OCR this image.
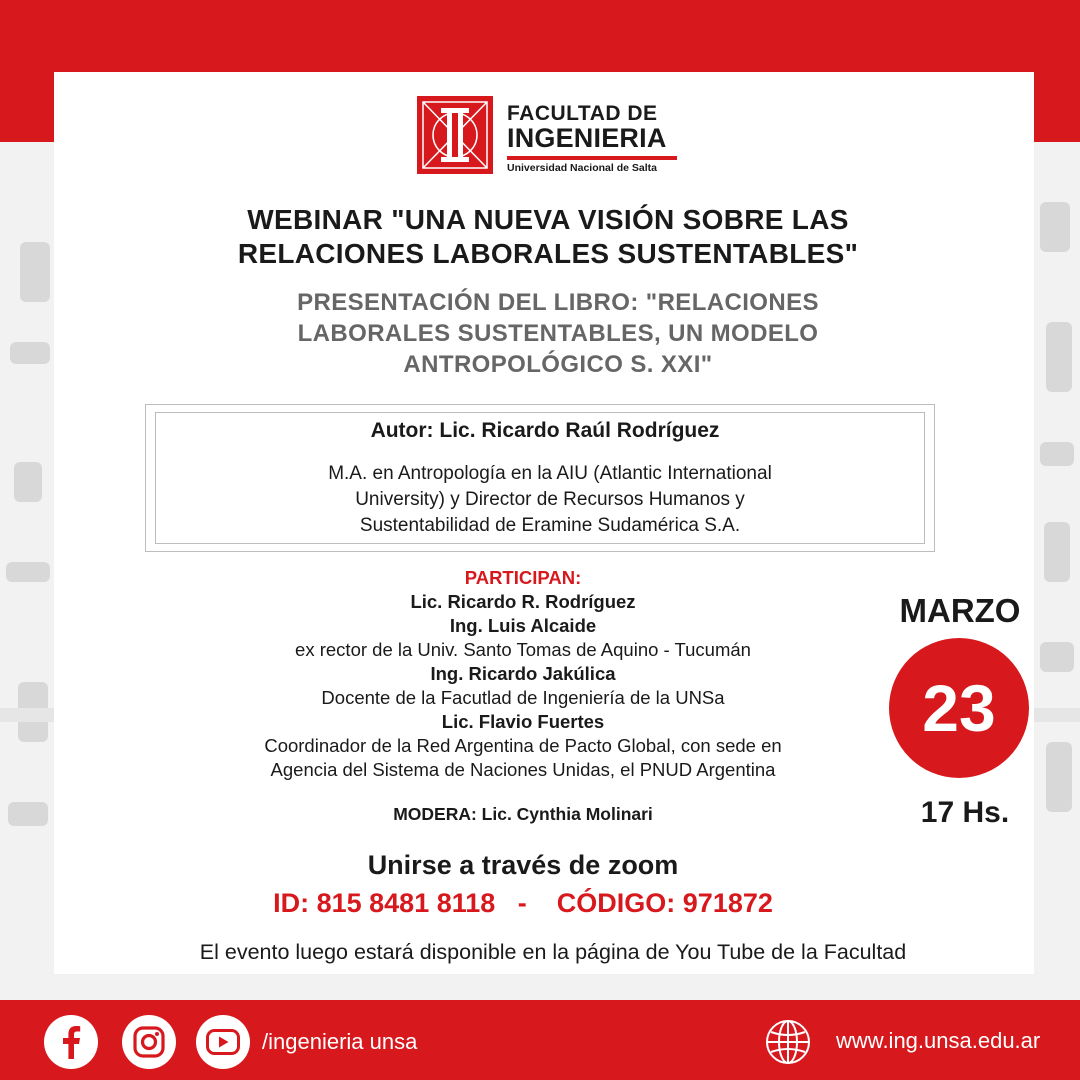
FACULTAD DE
INGENIERIA
Universidad Nacional de Salta
WEBINAR "UNA NUEVA VISIÓN SOBRE LAS
RELACIONES LABORALES SUSTENTABLES"
PRESENTACIÓN DEL LIBRO: "RELACIONES
LABORALES SUSTENTABLES, UN MODELO
ANTROPOLÓGICO S. XXI"
Autor: Lic. Ricardo Raúl Rodríguez
M.A. en Antropología en la AIU (Atlantic International
University) y Director de Recursos Humanos y
Sustentabilidad de Eramine Sudamérica S.A.
PARTICIPAN:
Lic. Ricardo R. Rodríguez
Ing. Luis Alcaide
ex rector de la Univ. Santo Tomas de Aquino - Tucumán
Ing. Ricardo Jakúlica
Docente de la Facutlad de Ingeniería de la UNSa
Lic. Flavio Fuertes
Coordinador de la Red Argentina de Pacto Global, con sede en
Agencia del Sistema de Naciones Unidas, el PNUD Argentina
MODERA: Lic. Cynthia Molinari
MARZO
23
17 Hs.
Unirse a través de zoom
ID: 815 8481 8118   -    CÓDIGO: 971872
El evento luego estará disponible en la página de You Tube de la Facultad
/ingenieria unsa	www.ing.unsa.edu.ar
